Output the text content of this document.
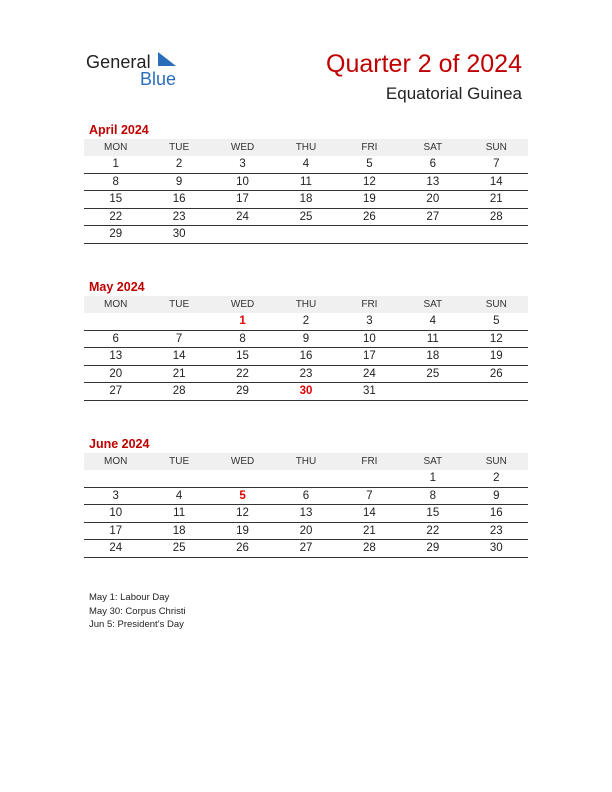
General
Blue
Quarter 2 of 2024
Equatorial Guinea
April 2024
MON	TUE	WED	THU	FRI	SAT	SUN
1	2	3	4	5	6	7
8	9	10	11	12	13	14
15	16	17	18	19	20	21
22	23	24	25	26	27	28
29	30					
May 2024
MON	TUE	WED	THU	FRI	SAT	SUN
		1	2	3	4	5
6	7	8	9	10	11	12
13	14	15	16	17	18	19
20	21	22	23	24	25	26
27	28	29	30	31		
June 2024
MON	TUE	WED	THU	FRI	SAT	SUN
					1	2
3	4	5	6	7	8	9
10	11	12	13	14	15	16
17	18	19	20	21	22	23
24	25	26	27	28	29	30
May 1: Labour Day
May 30: Corpus Christi
Jun 5: President’s Day
